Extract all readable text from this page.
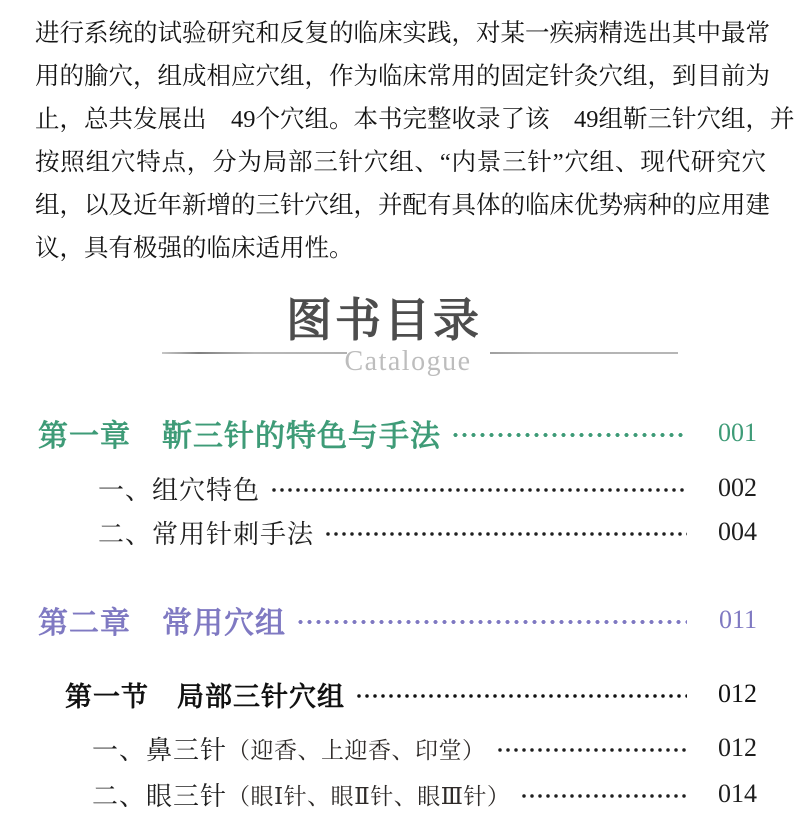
进行系统的试验研究和反复的临床实践，对某一疾病精选出其中最常
用的腧穴，组成相应穴组，作为临床常用的固定针灸穴组，到目前为
止，总共发展出　49个穴组。本书完整收录了该　49组靳三针穴组，并
按照组穴特点，分为局部三针穴组、“内景三针”穴组、现代研究穴
组，以及近年新增的三针穴组，并配有具体的临床优势病种的应用建
议，具有极强的临床适用性。
图书目录
Catalogue
第一章　靳三针的特色与手法	001
一、组穴特色	002
二、常用针刺手法	004
第二章　常用穴组	011
第一节　局部三针穴组	012
一、鼻三针 （迎香、上迎香、印堂）	012
二、眼三针 （眼Ⅰ针、眼Ⅱ针、眼Ⅲ针）	014
